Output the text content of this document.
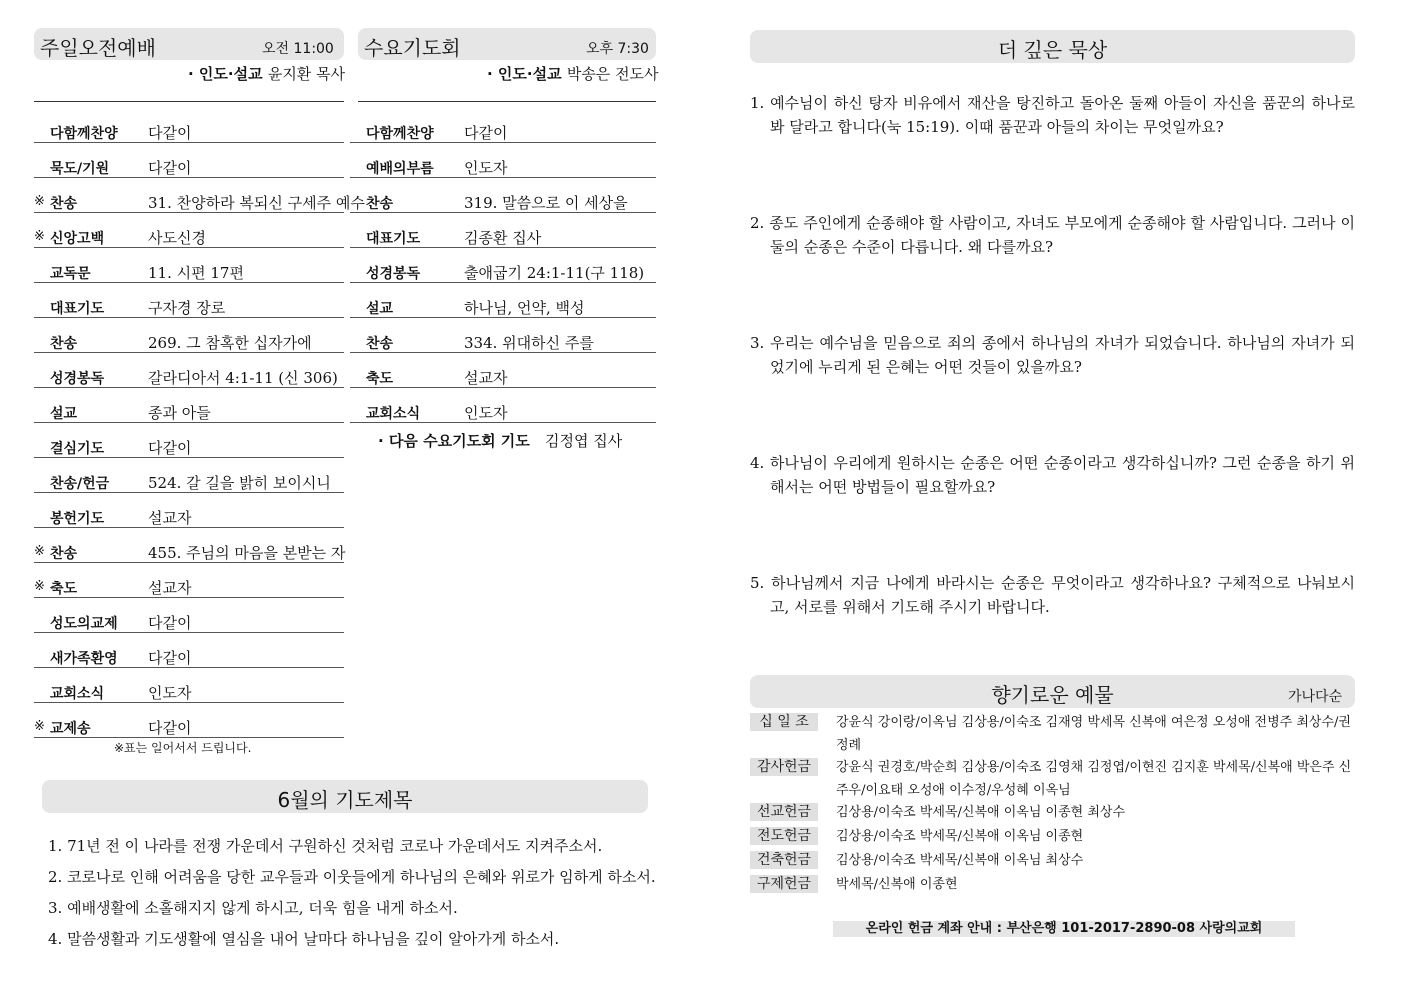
주일오전예배	오전 11:00
· 인도·설교 윤지환 목사
다함께찬양	다같이
묵도/기원	다같이
※ 찬송	31. 찬양하라 복되신 구세주 예수
※ 신앙고백	사도신경
교독문	11. 시편 17편
대표기도	구자경 장로
찬송	269. 그 참혹한 십자가에
성경봉독	갈라디아서 4:1-11 (신 306)
설교	종과 아들
결심기도	다같이
찬송/헌금	524. 갈 길을 밝히 보이시니
봉헌기도	설교자
※ 찬송	455. 주님의 마음을 본받는 자
※ 축도	설교자
성도의교제	다같이
새가족환영	다같이
교회소식	인도자
※ 교제송	다같이
※표는 일어서서 드립니다.
수요기도회	오후 7:30
· 인도·설교 박송은 전도사
다함께찬양	다같이
예배의부름	인도자
찬송	319. 말씀으로 이 세상을
대표기도	김종환 집사
성경봉독	출애굽기 24:1-11(구 118)
설교	하나님, 언약, 백성
찬송	334. 위대하신 주를
축도	설교자
교회소식	인도자
· 다음 수요기도회 기도 김정엽 집사
6월의 기도제목
1. 71년 전 이 나라를 전쟁 가운데서 구원하신 것처럼 코로나 가운데서도 지켜주소서.
2. 코로나로 인해 어려움을 당한 교우들과 이웃들에게 하나님의 은혜와 위로가 임하게 하소서.
3. 예배생활에 소홀해지지 않게 하시고, 더욱 힘을 내게 하소서.
4. 말씀생활과 기도생활에 열심을 내어 날마다 하나님을 깊이 알아가게 하소서.
더 깊은 묵상
1. 예수님이 하신 탕자 비유에서 재산을 탕진하고 돌아온 둘째 아들이 자신을 품꾼의 하나로 봐 달라고 합니다(눅 15:19). 이때 품꾼과 아들의 차이는 무엇일까요?
2. 종도 주인에게 순종해야 할 사람이고, 자녀도 부모에게 순종해야 할 사람입니다. 그러나 이 둘의 순종은 수준이 다릅니다. 왜 다를까요?
3. 우리는 예수님을 믿음으로 죄의 종에서 하나님의 자녀가 되었습니다. 하나님의 자녀가 되었기에 누리게 된 은혜는 어떤 것들이 있을까요?
4. 하나님이 우리에게 원하시는 순종은 어떤 순종이라고 생각하십니까? 그런 순종을 하기 위해서는 어떤 방법들이 필요할까요?
5. 하나님께서 지금 나에게 바라시는 순종은 무엇이라고 생각하나요? 구체적으로 나눠보시고, 서로를 위해서 기도해 주시기 바랍니다.
향기로운 예물	가나다순
십 일 조	강윤식 강이랑/이옥님 김상용/이숙조 김재영 박세목 신복애 여은정 오성애 전병주 최상수/권정례
감사헌금	강윤식 권경호/박순희 김상용/이숙조 김영채 김정엽/이현진 김지훈 박세목/신복애 박은주 신주우/이요태 오성애 이수정/우성혜 이옥님
선교헌금	김상용/이숙조 박세목/신복애 이옥님 이종현 최상수
전도헌금	김상용/이숙조 박세목/신복애 이옥님 이종현
건축헌금	김상용/이숙조 박세목/신복애 이옥님 최상수
구제헌금	박세목/신복애 이종현
온라인 헌금 계좌 안내 : 부산은행 101-2017-2890-08 사랑의교회
